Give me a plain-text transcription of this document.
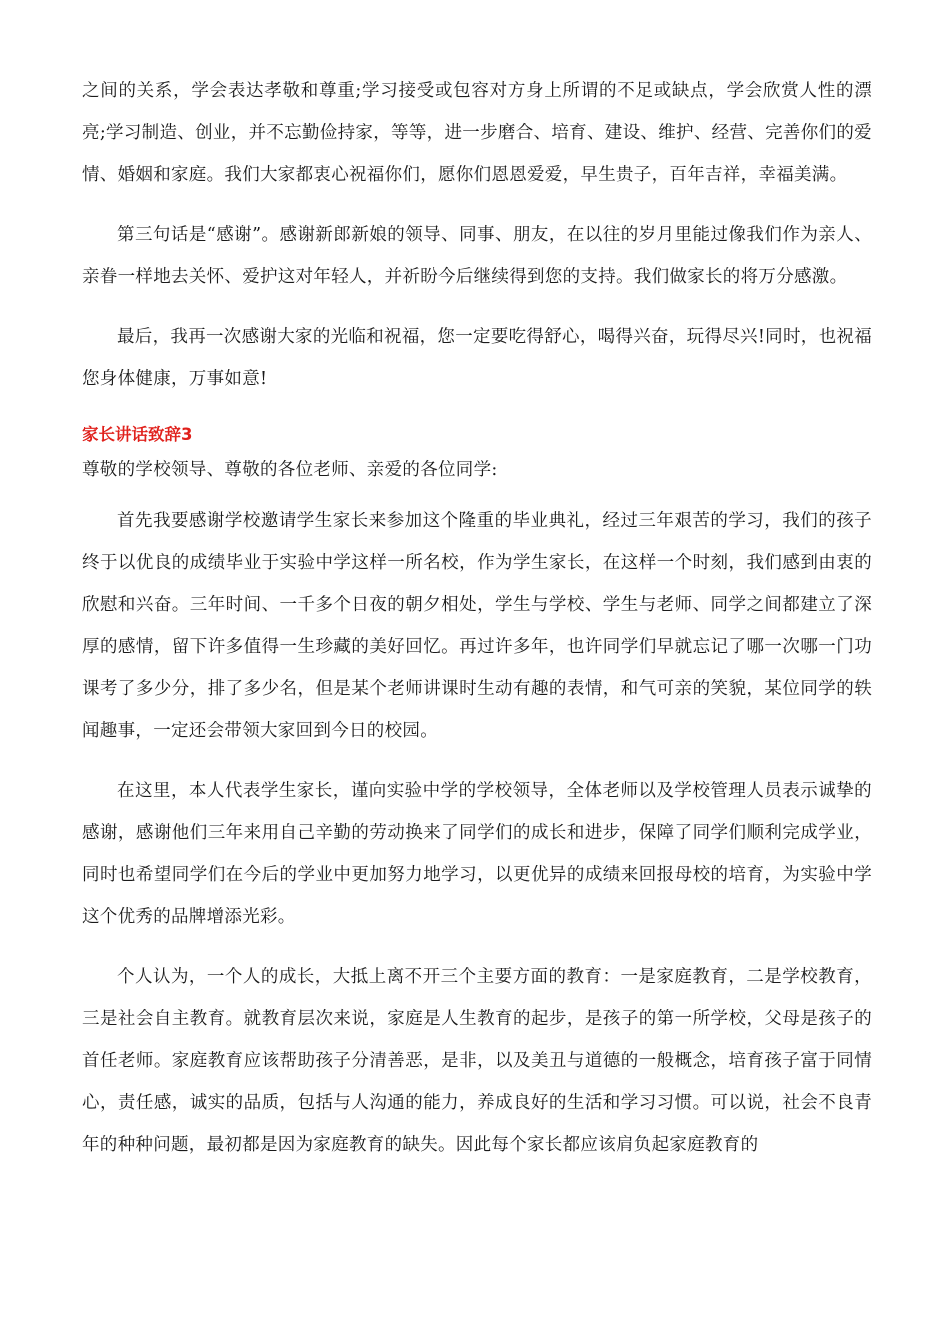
之间的关系，学会表达孝敬和尊重;学习接受或包容对方身上所谓的不足或缺点，学会欣赏人性的漂亮;学习制造、创业，并不忘勤俭持家，等等，进一步磨合、培育、建设、维护、经营、完善你们的爱情、婚姻和家庭。我们大家都衷心祝福你们，愿你们恩恩爱爱，早生贵子，百年吉祥，幸福美满。

第三句话是“感谢”。感谢新郎新娘的领导、同事、朋友，在以往的岁月里能过像我们作为亲人、亲眷一样地去关怀、爱护这对年轻人，并祈盼今后继续得到您的支持。我们做家长的将万分感激。

最后，我再一次感谢大家的光临和祝福，您一定要吃得舒心，喝得兴奋，玩得尽兴!同时，也祝福您身体健康，万事如意!

家长讲话致辞3

尊敬的学校领导、尊敬的各位老师、亲爱的各位同学:

首先我要感谢学校邀请学生家长来参加这个隆重的毕业典礼，经过三年艰苦的学习，我们的孩子终于以优良的成绩毕业于实验中学这样一所名校，作为学生家长，在这样一个时刻，我们感到由衷的欣慰和兴奋。三年时间、一千多个日夜的朝夕相处，学生与学校、学生与老师、同学之间都建立了深厚的感情，留下许多值得一生珍藏的美好回忆。再过许多年，也许同学们早就忘记了哪一次哪一门功课考了多少分，排了多少名，但是某个老师讲课时生动有趣的表情，和气可亲的笑貌，某位同学的轶闻趣事，一定还会带领大家回到今日的校园。

在这里，本人代表学生家长，谨向实验中学的学校领导，全体老师以及学校管理人员表示诚挚的感谢，感谢他们三年来用自己辛勤的劳动换来了同学们的成长和进步，保障了同学们顺利完成学业，同时也希望同学们在今后的学业中更加努力地学习，以更优异的成绩来回报母校的培育，为实验中学这个优秀的品牌增添光彩。

个人认为，一个人的成长，大抵上离不开三个主要方面的教育：一是家庭教育，二是学校教育，三是社会自主教育。就教育层次来说，家庭是人生教育的起步，是孩子的第一所学校，父母是孩子的首任老师。家庭教育应该帮助孩子分清善恶，是非，以及美丑与道德的一般概念，培育孩子富于同情心，责任感，诚实的品质，包括与人沟通的能力，养成良好的生活和学习习惯。可以说，社会不良青年的种种问题，最初都是因为家庭教育的缺失。因此每个家长都应该肩负起家庭教育的
